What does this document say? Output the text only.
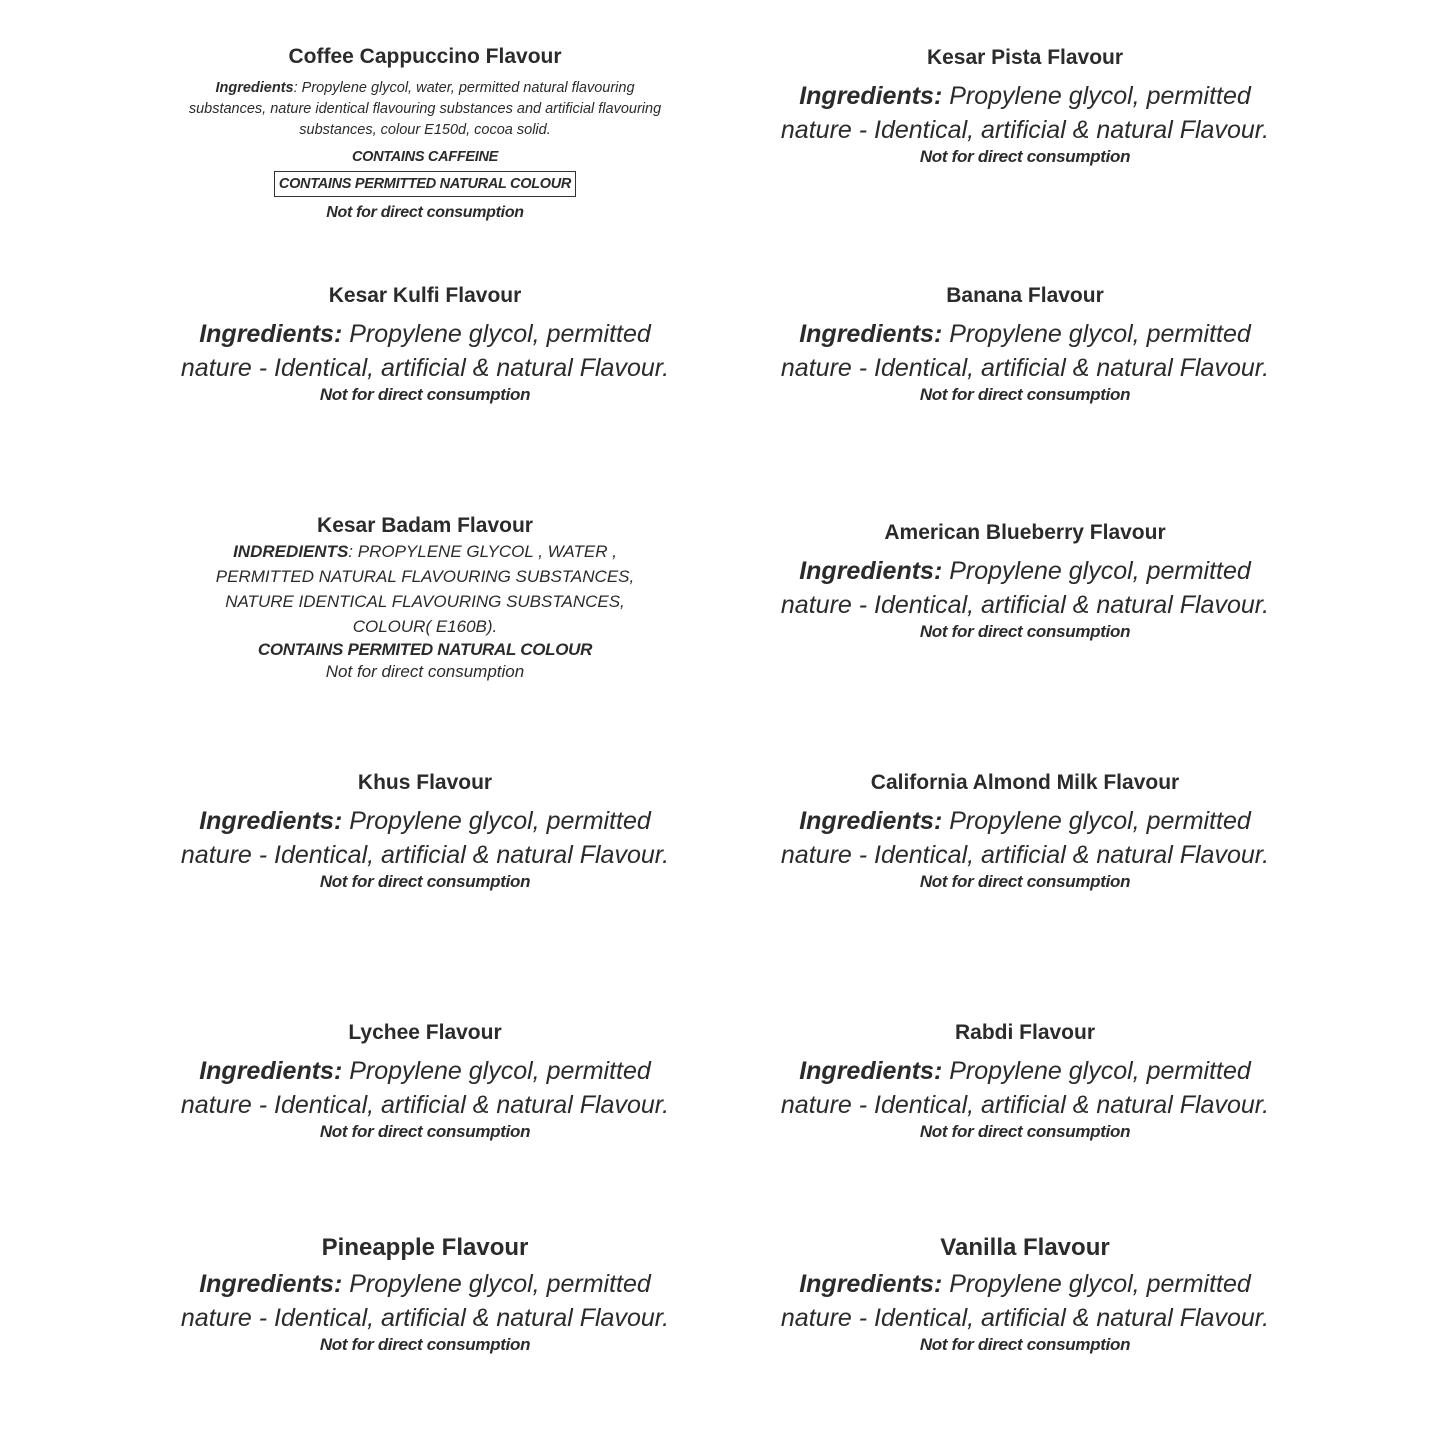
Coffee Cappuccino Flavour

Ingredients: Propylene glycol, water, permitted natural flavouring substances, nature identical flavouring substances and artificial flavouring substances, colour E150d, cocoa solid.

CONTAINS CAFFEINE

CONTAINS PERMITTED NATURAL COLOUR

Not for direct consumption

Kesar Pista Flavour

Ingredients: Propylene glycol, permitted nature - Identical, artificial & natural Flavour.

Not for direct consumption

Kesar Kulfi Flavour

Ingredients: Propylene glycol, permitted nature - Identical, artificial & natural Flavour.

Not for direct consumption

Banana Flavour

Ingredients: Propylene glycol, permitted nature - Identical, artificial & natural Flavour.

Not for direct consumption

Kesar Badam Flavour

INDREDIENTS: PROPYLENE GLYCOL , WATER , PERMITTED NATURAL FLAVOURING SUBSTANCES, NATURE IDENTICAL FLAVOURING SUBSTANCES, COLOUR( E160B).

CONTAINS PERMITED NATURAL COLOUR

Not for direct consumption

American Blueberry Flavour

Ingredients: Propylene glycol, permitted nature - Identical, artificial & natural Flavour.

Not for direct consumption

Khus Flavour

Ingredients: Propylene glycol, permitted nature - Identical, artificial & natural Flavour.

Not for direct consumption

California Almond Milk Flavour

Ingredients: Propylene glycol, permitted nature - Identical, artificial & natural Flavour.

Not for direct consumption

Lychee Flavour

Ingredients: Propylene glycol, permitted nature - Identical, artificial & natural Flavour.

Not for direct consumption

Rabdi Flavour

Ingredients: Propylene glycol, permitted nature - Identical, artificial & natural Flavour.

Not for direct consumption

Pineapple Flavour

Ingredients: Propylene glycol, permitted nature - Identical, artificial & natural Flavour.

Not for direct consumption

Vanilla Flavour

Ingredients: Propylene glycol, permitted nature - Identical, artificial & natural Flavour.

Not for direct consumption
